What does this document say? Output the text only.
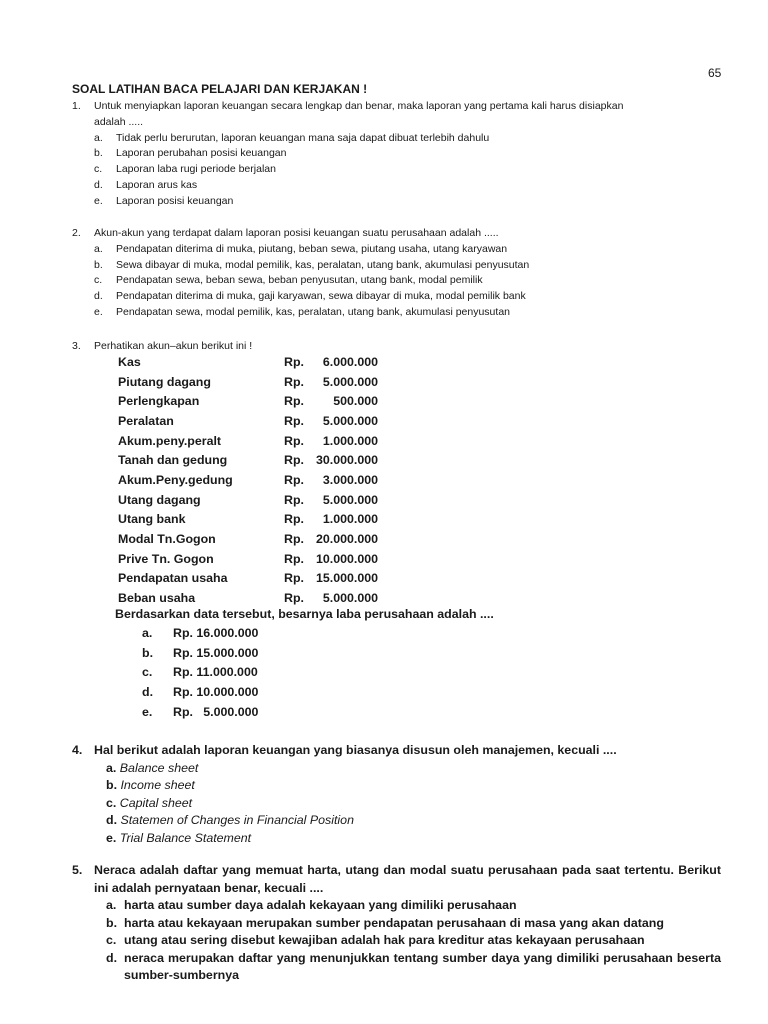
65
SOAL LATIHAN BACA PELAJARI DAN KERJAKAN !
1. Untuk menyiapkan laporan keuangan secara lengkap dan benar, maka laporan yang pertama kali harus disiapkan
adalah .....
a. Tidak perlu berurutan, laporan keuangan mana saja dapat dibuat terlebih dahulu
b. Laporan perubahan posisi keuangan
c. Laporan laba rugi periode berjalan
d. Laporan arus kas
e. Laporan posisi keuangan
2. Akun-akun yang terdapat dalam laporan posisi keuangan suatu perusahaan adalah .....
a. Pendapatan diterima di muka, piutang, beban sewa, piutang usaha, utang karyawan
b. Sewa dibayar di muka, modal pemilik, kas, peralatan, utang bank, akumulasi penyusutan
c. Pendapatan sewa, beban sewa, beban penyusutan, utang bank, modal pemilik
d. Pendapatan diterima di muka, gaji karyawan, sewa dibayar di muka, modal pemilik bank
e. Pendapatan sewa, modal pemilik, kas, peralatan, utang bank, akumulasi penyusutan
3. Perhatikan akun–akun berikut ini !
Kas	Rp.	6.000.000
Piutang dagang	Rp.	5.000.000
Perlengkapan	Rp.	500.000
Peralatan	Rp.	5.000.000
Akum.peny.peralt	Rp.	1.000.000
Tanah dan gedung	Rp.	30.000.000
Akum.Peny.gedung	Rp.	3.000.000
Utang dagang	Rp.	5.000.000
Utang bank	Rp.	1.000.000
Modal Tn.Gogon	Rp.	20.000.000
Prive Tn. Gogon	Rp.	10.000.000
Pendapatan usaha	Rp.	15.000.000
Beban usaha	Rp.	5.000.000
Berdasarkan data tersebut, besarnya laba perusahaan adalah ....
a. Rp. 16.000.000
b. Rp. 15.000.000
c. Rp. 11.000.000
d. Rp. 10.000.000
e. Rp.   5.000.000
4. Hal berikut adalah laporan keuangan yang biasanya disusun oleh manajemen, kecuali ....
a. Balance sheet
b. Income sheet
c. Capital sheet
d. Statemen of Changes in Financial Position
e. Trial Balance Statement
5. Neraca adalah daftar yang memuat harta, utang dan modal suatu perusahaan pada saat tertentu. Berikut ini adalah pernyataan benar, kecuali ....
a. harta atau sumber daya adalah kekayaan yang dimiliki perusahaan
b. harta atau kekayaan merupakan sumber pendapatan perusahaan di masa yang akan datang
c. utang atau sering disebut kewajiban adalah hak para kreditur atas kekayaan perusahaan
d. neraca merupakan daftar yang menunjukkan tentang sumber daya yang dimiliki perusahaan beserta sumber-sumbernya
